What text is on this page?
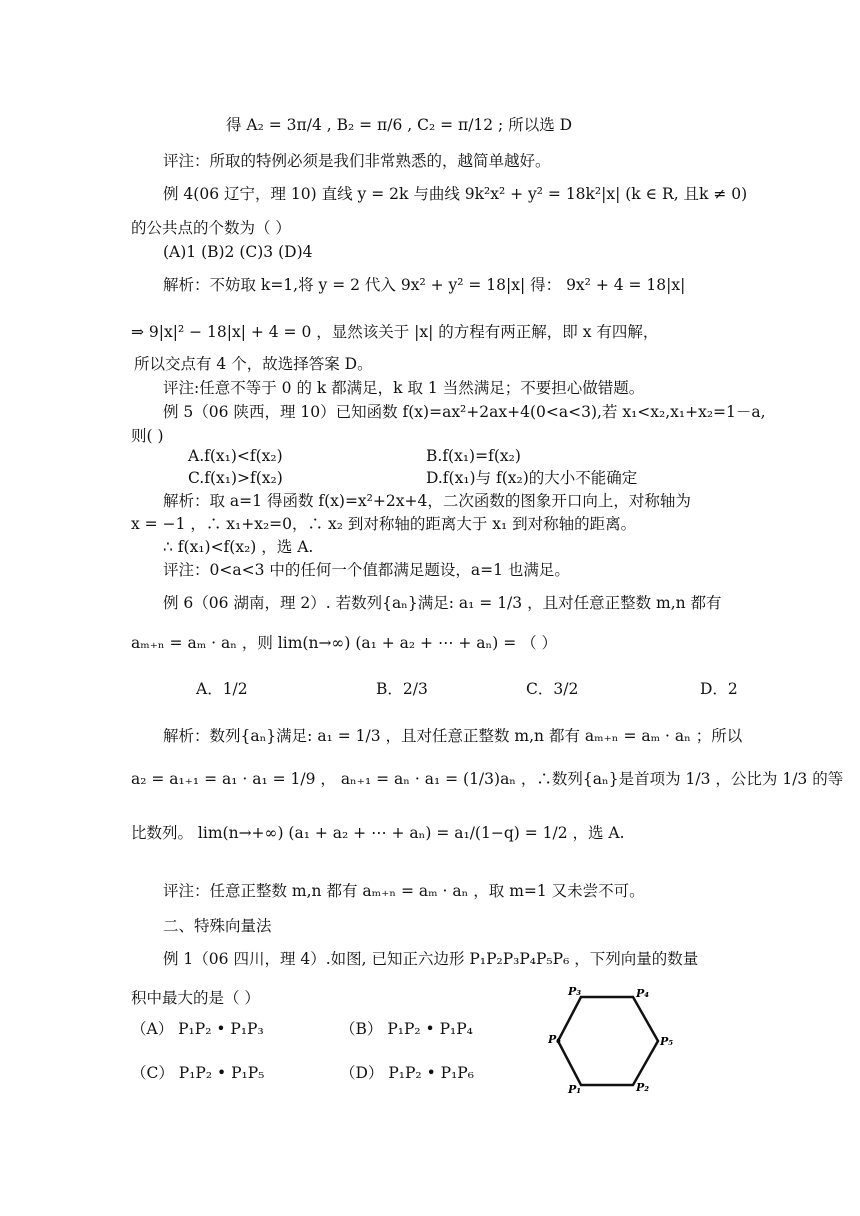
得 A₂ = 3π/4 , B₂ = π/6 , C₂ = π/12 ; 所以选 D
评注：所取的特例必须是我们非常熟悉的，越简单越好。
例 4(06 辽宁，理 10) 直线 y = 2k 与曲线 9k²x² + y² = 18k²|x| (k ∈ R, 且k ≠ 0)
的公共点的个数为（ ）
(A)1 (B)2 (C)3 (D)4
解析：不妨取 k=1,将 y = 2 代入 9x² + y² = 18|x| 得： 9x² + 4 = 18|x|
⇒ 9|x|² − 18|x| + 4 = 0 ，显然该关于 |x| 的方程有两正解，即 x 有四解，
所以交点有 4 个，故选择答案 D。
评注:任意不等于 0 的 k 都满足，k 取 1 当然满足；不要担心做错题。
例 5（06 陕西，理 10）已知函数 f(x)=ax²+2ax+4(0<a<3),若 x₁<x₂,x₁+x₂=1－a,
则( )
A.f(x₁)<f(x₂)	B.f(x₁)=f(x₂)
C.f(x₁)>f(x₂)	D.f(x₁)与 f(x₂)的大小不能确定
解析：取 a=1 得函数 f(x)=x²+2x+4，二次函数的图象开口向上，对称轴为
x = −1 ，∴ x₁+x₂=0，∴ x₂ 到对称轴的距离大于 x₁ 到对称轴的距离。
∴ f(x₁)<f(x₂) ，选 A.
评注：0<a<3 中的任何一个值都满足题设，a=1 也满足。
例 6（06 湖南，理 2）. 若数列{aₙ}满足: a₁ = 1/3 ，且对任意正整数 m,n 都有
aₘ₊ₙ = aₘ · aₙ ，则 lim(n→∞) (a₁ + a₂ + ⋯ + aₙ) = （ ）
A．1/2	B．2/3	C．3/2	D．2
解析：数列{aₙ}满足: a₁ = 1/3 ，且对任意正整数 m,n 都有 aₘ₊ₙ = aₘ · aₙ ；所以
a₂ = a₁₊₁ = a₁ · a₁ = 1/9 ， aₙ₊₁ = aₙ · a₁ = (1/3)aₙ ，∴数列{aₙ}是首项为 1/3 ，公比为 1/3 的等
比数列。 lim(n→+∞) (a₁ + a₂ + ⋯ + aₙ) = a₁/(1−q) = 1/2 ，选 A.
评注：任意正整数 m,n 都有 aₘ₊ₙ = aₘ · aₙ ，取 m=1 又未尝不可。
二、特殊向量法
例 1（06 四川，理 4）.如图, 已知正六边形 P₁P₂P₃P₄P₅P₆ ，下列向量的数量
积中最大的是（ ）
（A） P₁P₂ • P₁P₃	（B） P₁P₂ • P₁P₄
（C） P₁P₂ • P₁P₅	（D） P₁P₂ • P₁P₆
P₃	P₄
P₆	P₅
P₁	P₂
